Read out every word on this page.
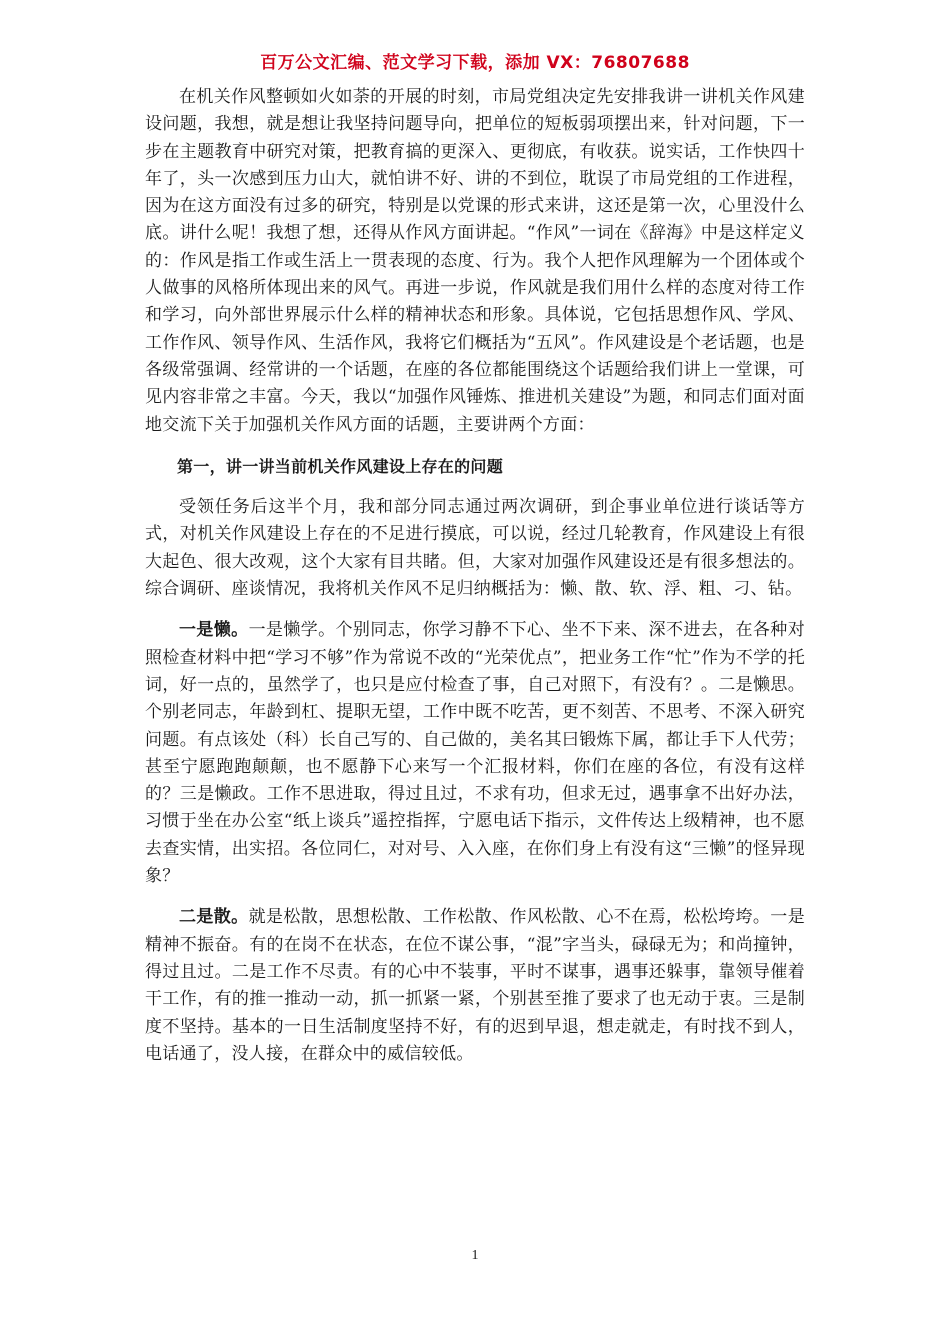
百万公文汇编、范文学习下载，添加 VX：76807688

在机关作风整顿如火如荼的开展的时刻，市局党组决定先安排我讲一讲机关作风建设问题，我想，就是想让我坚持问题导向，把单位的短板弱项摆出来，针对问题，下一步在主题教育中研究对策，把教育搞的更深入、更彻底，有收获。说实话，工作快四十年了，头一次感到压力山大，就怕讲不好、讲的不到位，耽误了市局党组的工作进程，因为在这方面没有过多的研究，特别是以党课的形式来讲，这还是第一次，心里没什么底。讲什么呢！我想了想，还得从作风方面讲起。“作风”一词在《辞海》中是这样定义的：作风是指工作或生活上一贯表现的态度、行为。我个人把作风理解为一个团体或个人做事的风格所体现出来的风气。再进一步说，作风就是我们用什么样的态度对待工作和学习，向外部世界展示什么样的精神状态和形象。具体说，它包括思想作风、学风、工作作风、领导作风、生活作风，我将它们概括为“五风”。作风建设是个老话题，也是各级常强调、经常讲的一个话题，在座的各位都能围绕这个话题给我们讲上一堂课，可见内容非常之丰富。今天，我以“加强作风锤炼、推进机关建设”为题，和同志们面对面地交流下关于加强机关作风方面的话题，主要讲两个方面：

第一，讲一讲当前机关作风建设上存在的问题

受领任务后这半个月，我和部分同志通过两次调研，到企事业单位进行谈话等方式，对机关作风建设上存在的不足进行摸底，可以说，经过几轮教育，作风建设上有很大起色、很大改观，这个大家有目共睹。但，大家对加强作风建设还是有很多想法的。综合调研、座谈情况，我将机关作风不足归纳概括为：懒、散、软、浮、粗、刁、钻。

一是懒。一是懒学。个别同志，你学习静不下心、坐不下来、深不进去，在各种对照检查材料中把“学习不够”作为常说不改的“光荣优点”，把业务工作“忙”作为不学的托词，好一点的，虽然学了，也只是应付检查了事，自己对照下，有没有？。二是懒思。个别老同志，年龄到杠、提职无望，工作中既不吃苦，更不刻苦、不思考、不深入研究问题。有点该处（科）长自己写的、自己做的，美名其曰锻炼下属，都让手下人代劳；甚至宁愿跑跑颠颠，也不愿静下心来写一个汇报材料，你们在座的各位，有没有这样的？三是懒政。工作不思进取，得过且过，不求有功，但求无过，遇事拿不出好办法，习惯于坐在办公室“纸上谈兵”遥控指挥，宁愿电话下指示，文件传达上级精神，也不愿去查实情，出实招。各位同仁，对对号、入入座，在你们身上有没有这“三懒”的怪异现象？

二是散。就是松散，思想松散、工作松散、作风松散、心不在焉，松松垮垮。一是精神不振奋。有的在岗不在状态，在位不谋公事，“混”字当头，碌碌无为；和尚撞钟，得过且过。二是工作不尽责。有的心中不装事，平时不谋事，遇事还躲事，靠领导催着干工作，有的推一推动一动，抓一抓紧一紧，个别甚至推了要求了也无动于衷。三是制度不坚持。基本的一日生活制度坚持不好，有的迟到早退，想走就走，有时找不到人，电话通了，没人接，在群众中的威信较低。

1
